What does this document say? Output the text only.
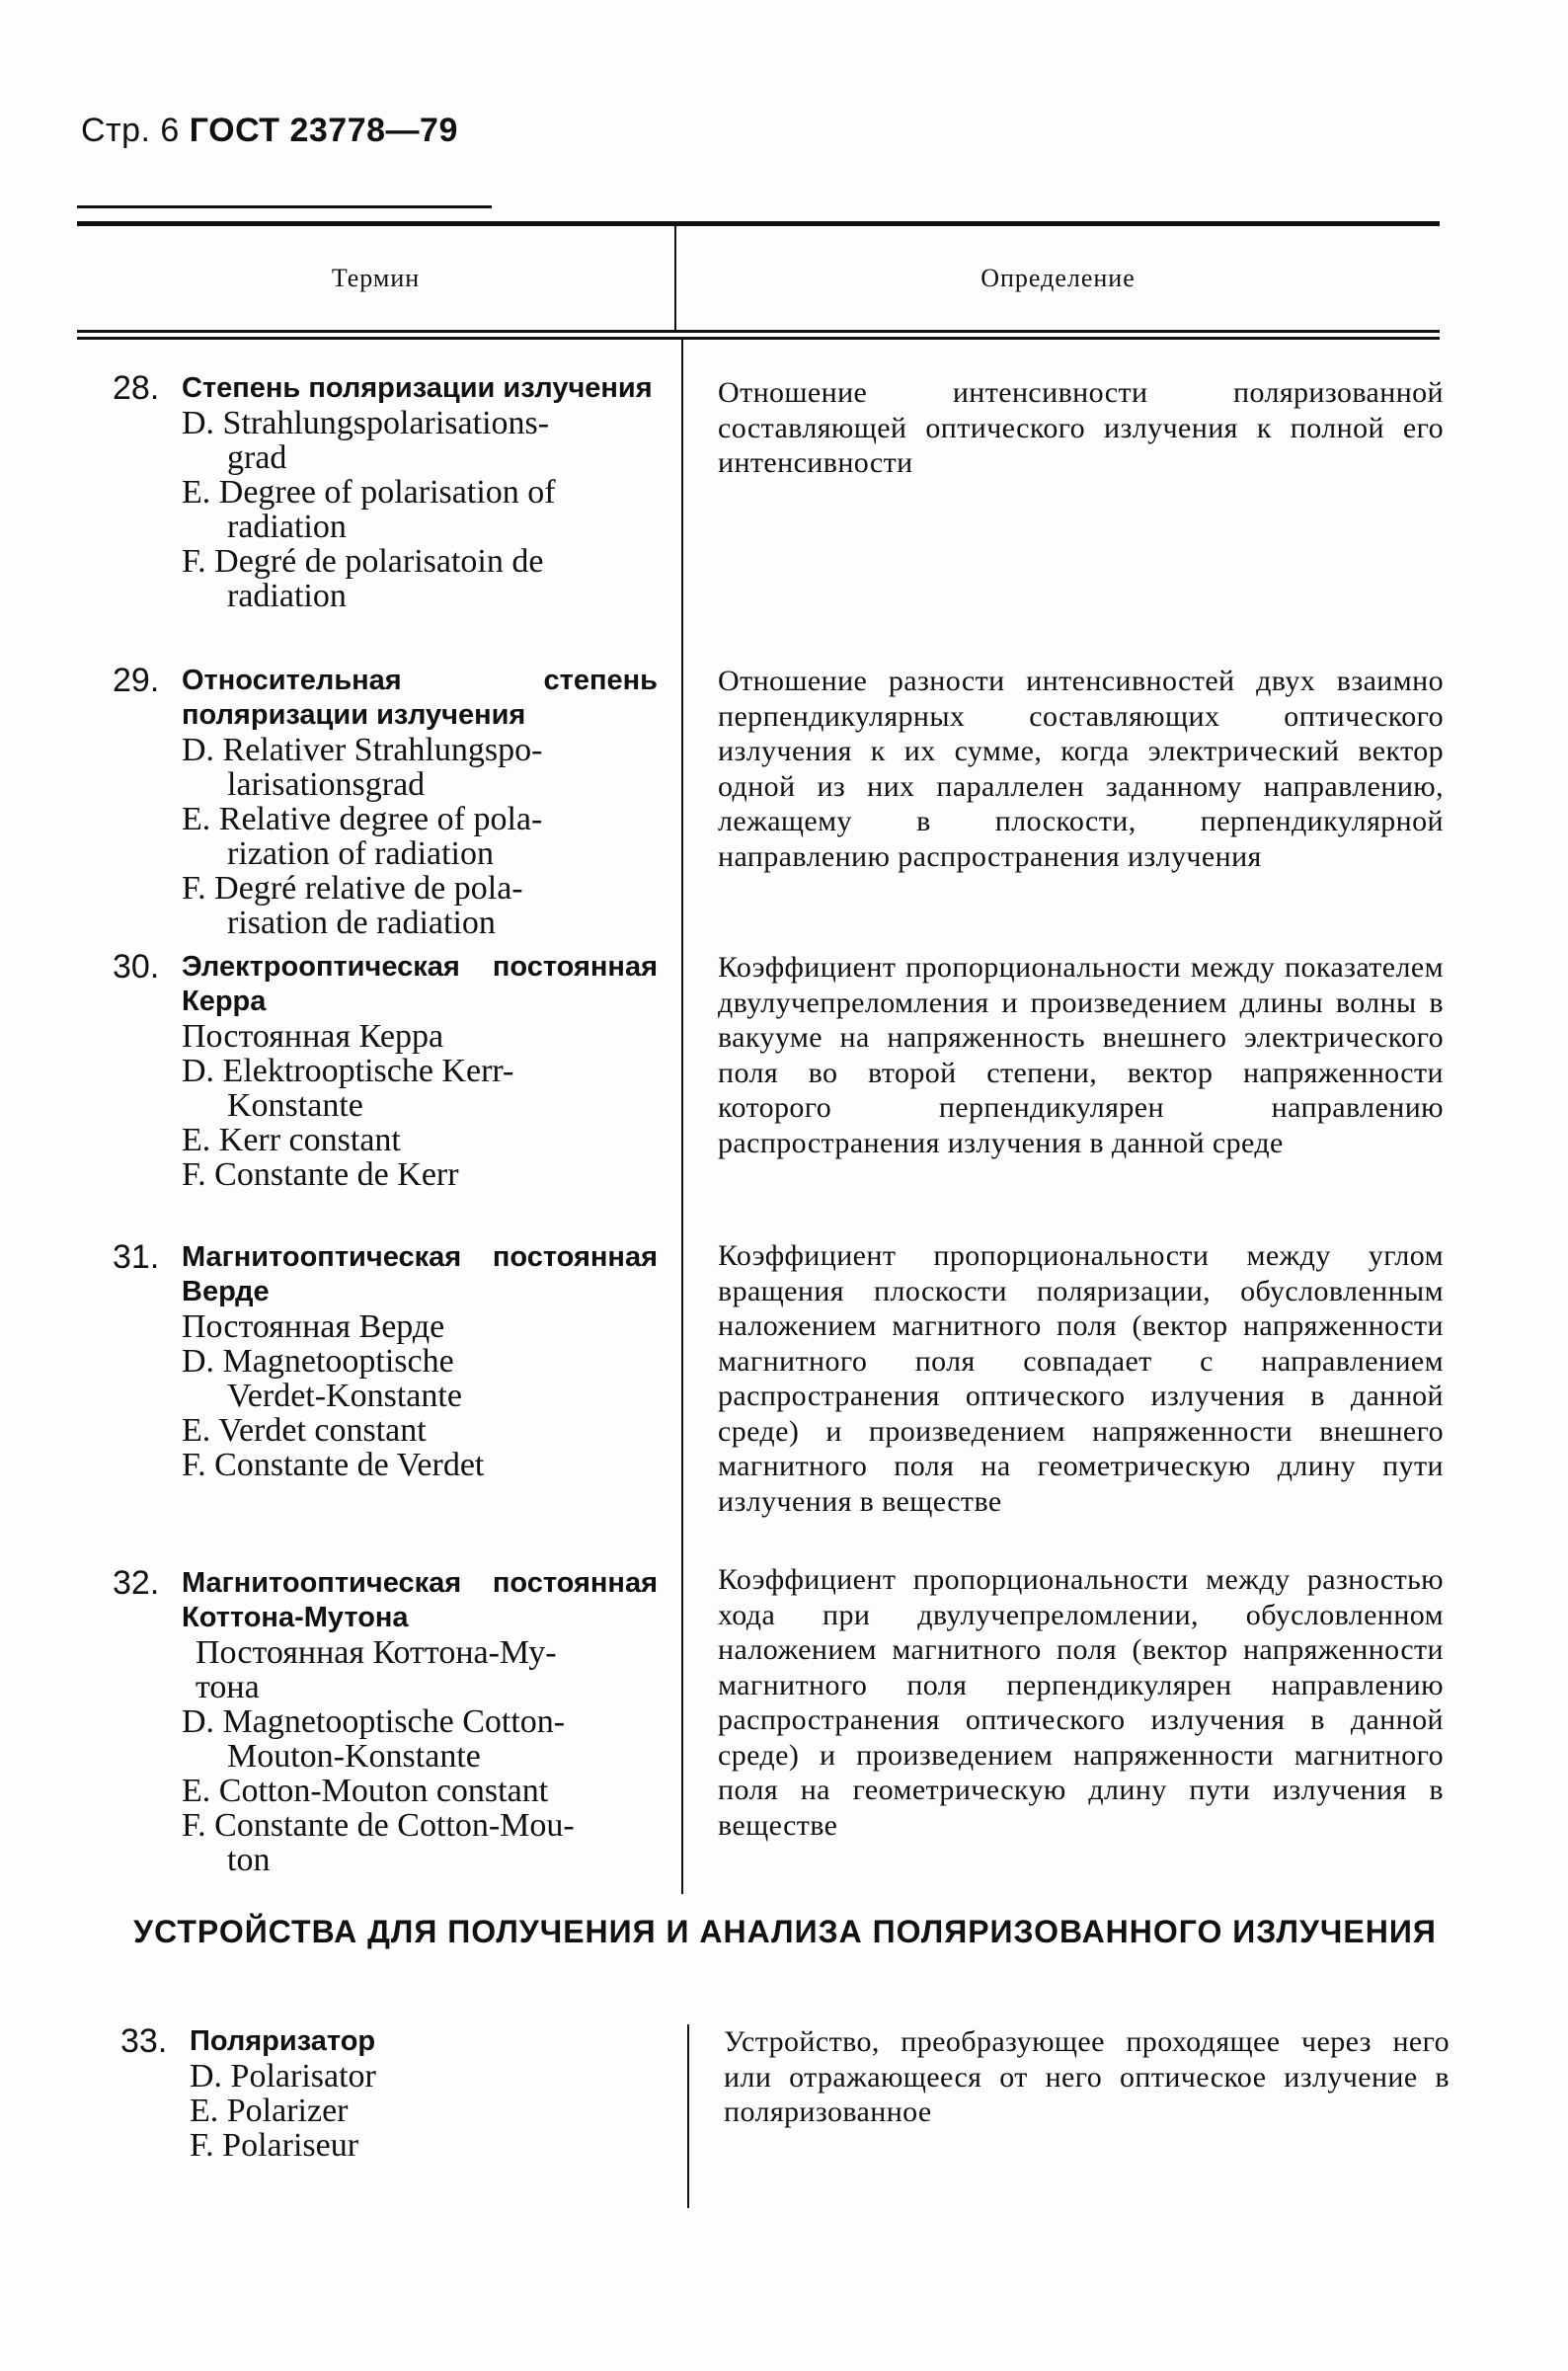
Стр. 6 ГОСТ 23778—79
Термин	Определение
28. Степень поляризации излучения
D. Strahlungspolarisations-
grad
E. Degree of polarisation of
radiation
F. Degré de polarisatoin de
radiation
Отношение интенсивности поляризованной составляющей оптического излучения к полной его интенсивности
29. Относительная степень поляризации излучения
D. Relativer Strahlungspo-
larisationsgrad
E. Relative degree of pola-
rization of radiation
F. Degré relative de pola-
risation de radiation
Отношение разности интенсивностей двух взаимно перпендикулярных составляющих оптического излучения к их сумме, когда электрический вектор одной из них параллелен заданному направлению, лежащему в плоскости, перпендикулярной направлению распространения излучения
30. Электрооптическая постоянная Керра
Постоянная Керра
D. Elektrooptische Kerr-
Konstante
E. Kerr constant
F. Constante de Kerr
Коэффициент пропорциональности между показателем двулучепреломления и произведением длины волны в вакууме на напряженность внешнего электрического поля во второй степени, вектор напряженности которого перпендикулярен направлению распространения излучения в данной среде
31. Магнитооптическая постоянная Верде
Постоянная Верде
D. Magnetooptische
Verdet-Konstante
E. Verdet constant
F. Constante de Verdet
Коэффициент пропорциональности между углом вращения плоскости поляризации, обусловленным наложением магнитного поля (вектор напряженности магнитного поля совпадает с направлением распространения оптического излучения в данной среде) и произведением напряженности внешнего магнитного поля на геометрическую длину пути излучения в веществе
32. Магнитооптическая постоянная Коттона-Мутона
Постоянная Коттона-Му-
тона
D. Magnetooptische Cotton-
Mouton-Konstante
E. Cotton-Mouton constant
F. Constante de Cotton-Mou-
ton
Коэффициент пропорциональности между разностью хода при двулучепреломлении, обусловленном наложением магнитного поля (вектор напряженности магнитного поля перпендикулярен направлению распространения оптического излучения в данной среде) и произведением напряженности магнитного поля на геометрическую длину пути излучения в веществе
УСТРОЙСТВА ДЛЯ ПОЛУЧЕНИЯ И АНАЛИЗА ПОЛЯРИЗОВАННОГО ИЗЛУЧЕНИЯ
33. Поляризатор
D. Polarisator
E. Polarizer
F. Polariseur
Устройство, преобразующее проходящее через него или отражающееся от него оптическое излучение в поляризованное
